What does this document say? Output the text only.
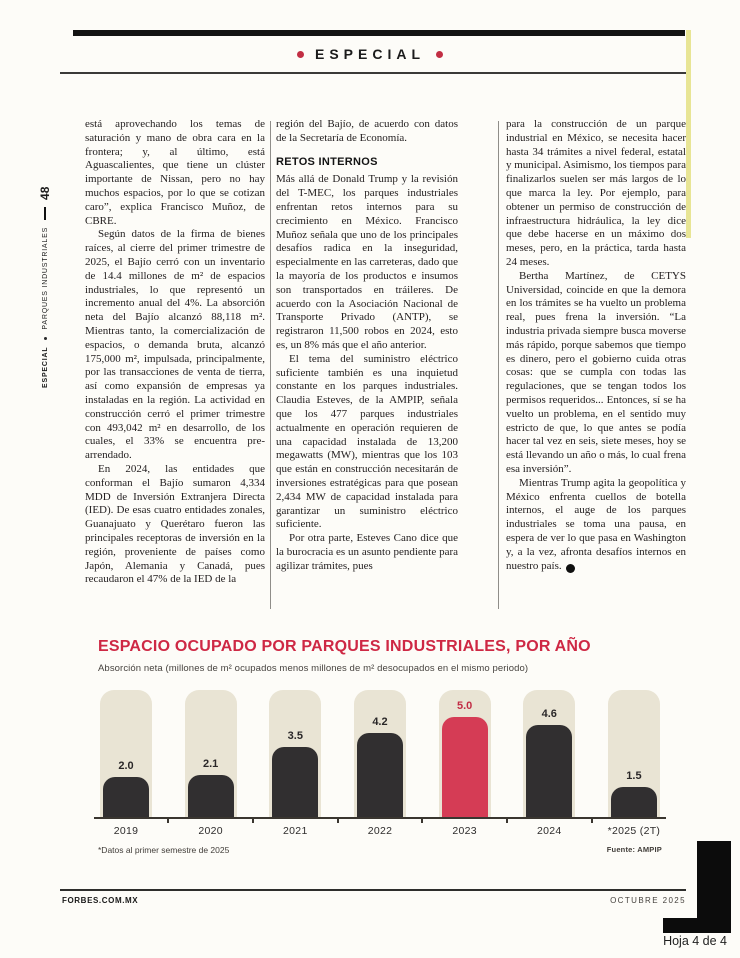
ESPECIAL
ESPECIAL
PARQUES INDUSTRIALES
48

está aprovechando los temas de saturación y mano de obra cara en la frontera; y, al último, está Aguascalientes, que tiene un clúster importante de Nissan, pero no hay muchos espacios, por lo que se cotizan caro”, explica Francisco Muñoz, de CBRE.

Según datos de la firma de bienes raíces, al cierre del primer trimestre de 2025, el Bajío cerró con un inventario de 14.4 millones de m² de espacios industriales, lo que representó un incremento anual del 4%. La absorción neta del Bajío alcanzó 88,118 m². Mientras tanto, la comercialización de espacios, o demanda bruta, alcanzó 175,000 m², impulsada, principalmente, por las transacciones de venta de tierra, así como expansión de empresas ya instaladas en la región. La actividad en construcción cerró el primer trimestre con 493,042 m² en desarrollo, de los cuales, el 33% se encuentra pre-arrendado.

En 2024, las entidades que conforman el Bajío sumaron 4,334 MDD de Inversión Extranjera Directa (IED). De esas cuatro entidades zonales, Guanajuato y Querétaro fueron las principales receptoras de inversión en la región, proveniente de países como Japón, Alemania y Canadá, pues recaudaron el 47% de la IED de la

región del Bajío, de acuerdo con datos de la Secretaría de Economía.

RETOS INTERNOS

Más allá de Donald Trump y la revisión del T-MEC, los parques industriales enfrentan retos internos para su crecimiento en México. Francisco Muñoz señala que uno de los principales desafíos radica en la inseguridad, especialmente en las carreteras, dado que la mayoría de los productos e insumos son transportados en tráileres. De acuerdo con la Asociación Nacional de Transporte Privado (ANTP), se registraron 11,500 robos en 2024, esto es, un 8% más que el año anterior.

El tema del suministro eléctrico suficiente también es una inquietud constante en los parques industriales. Claudia Esteves, de la AMPIP, señala que los 477 parques industriales actualmente en operación requieren de una capacidad instalada de 13,200 megawatts (MW), mientras que los 103 que están en construcción necesitarán de inversiones estratégicas para que posean 2,434 MW de capacidad instalada para garantizar un suministro eléctrico suficiente.

Por otra parte, Esteves Cano dice que la burocracia es un asunto pendiente para agilizar trámites, pues

para la construcción de un parque industrial en México, se necesita hacer hasta 34 trámites a nivel federal, estatal y municipal. Asimismo, los tiempos para finalizarlos suelen ser más largos de lo que marca la ley. Por ejemplo, para obtener un permiso de construcción de infraestructura hidráulica, la ley dice que debe hacerse en un máximo dos meses, pero, en la práctica, tarda hasta 24 meses.

Bertha Martínez, de CETYS Universidad, coincide en que la demora en los trámites se ha vuelto un problema real, pues frena la inversión. “La industria privada siempre busca moverse más rápido, porque sabemos que tiempo es dinero, pero el gobierno cuida otras cosas: que se cumpla con todas las regulaciones, que se tengan todos los permisos requeridos... Entonces, sí se ha vuelto un problema, en el sentido muy estricto de que, lo que antes se podía hacer tal vez en seis, siete meses, hoy se está llevando un año o más, lo cual frena esa inversión”.

Mientras Trump agita la geopolítica y México enfrenta cuellos de botella internos, el auge de los parques industriales se toma una pausa, en espera de ver lo que pasa en Washington y, a la vez, afronta desafíos internos en nuestro país. F

ESPACIO OCUPADO POR PARQUES INDUSTRIALES, POR AÑO
Absorción neta (millones de m² ocupados menos millones de m² desocupados en el mismo periodo)
2.0
2019
2.1
2020
3.5
2021
4.2
2022
5.0
2023
4.6
2024
1.5
*2025 (2T)
*Datos al primer semestre de 2025	Fuente: AMPIP
FORBES.COM.MX	OCTUBRE 2025
Hoja 4 de 4
